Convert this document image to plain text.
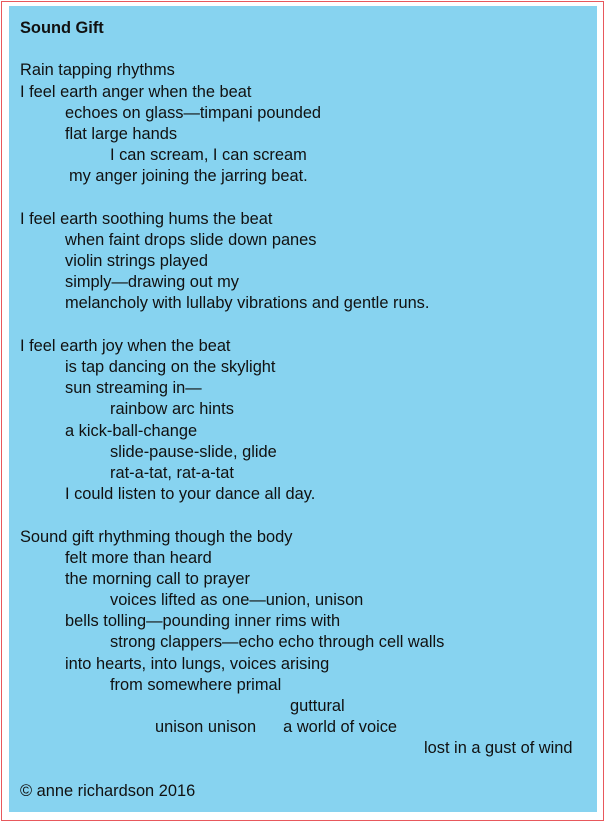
Sound Gift
Rain tapping rhythms
I feel earth anger when the beat
echoes on glass—timpani pounded
flat large hands
I can scream, I can scream
my anger joining the jarring beat.
I feel earth soothing hums the beat
when faint drops slide down panes
violin strings played
simply—drawing out my
melancholy with lullaby vibrations and gentle runs.
I feel earth joy when the beat
is tap dancing on the skylight
sun streaming in—
rainbow arc hints
a kick-ball-change
slide-pause-slide, glide
rat-a-tat, rat-a-tat
I could listen to your dance all day.
Sound gift rhythming though the body
felt more than heard
the morning call to prayer
voices lifted as one—union, unison
bells tolling—pounding inner rims with
strong clappers—echo echo through cell walls
into hearts, into lungs, voices arising
from somewhere primal
guttural
unison unison a world of voice
lost in a gust of wind
© anne richardson 2016
